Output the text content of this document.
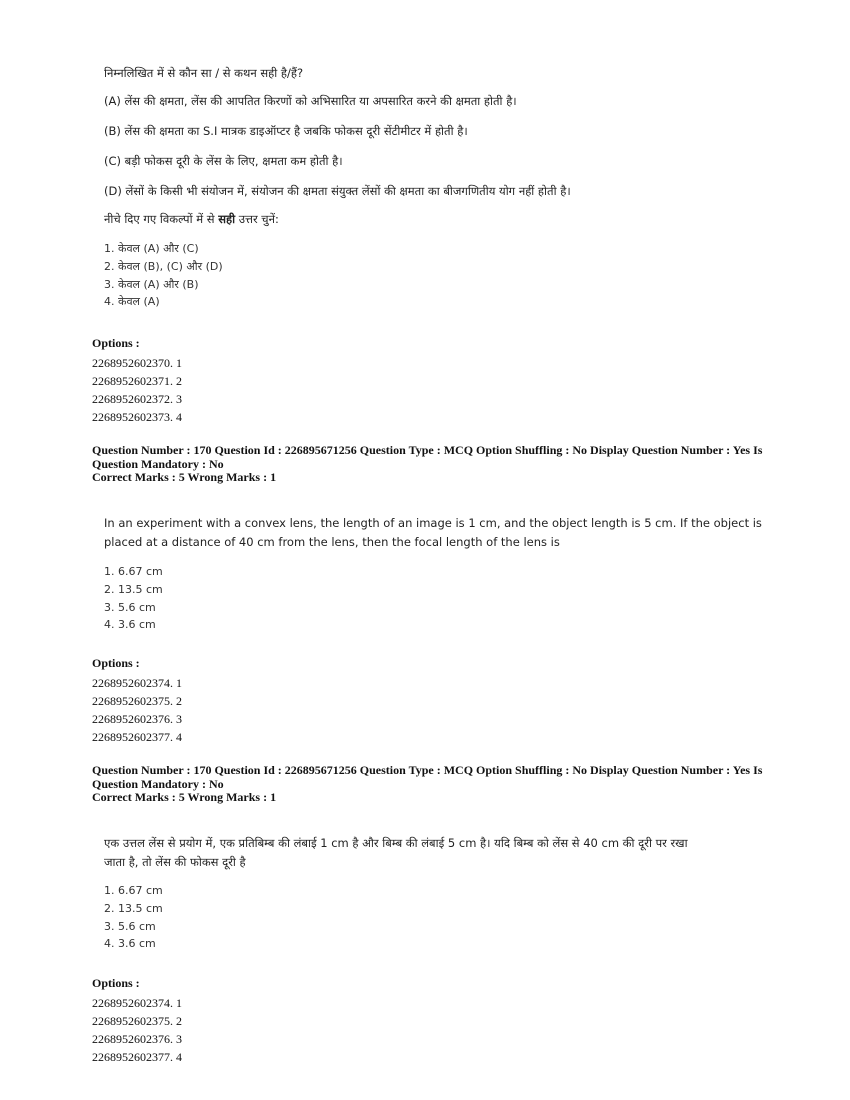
निम्नलिखित में से कौन सा / से कथन सही है/हैं?
(A) लेंस की क्षमता, लेंस की आपतित किरणों को अभिसारित या अपसारित करने की क्षमता होती है।
(B) लेंस की क्षमता का S.I मात्रक डाइऑप्टर है जबकि फोकस दूरी सेंटीमीटर में होती है।
(C) बड़ी फोकस दूरी के लेंस के लिए, क्षमता कम होती है।
(D) लेंसों के किसी भी संयोजन में, संयोजन की क्षमता संयुक्त लेंसों की क्षमता का बीजगणितीय योग नहीं होती है।
नीचे दिए गए विकल्पों में से सही उत्तर चुनें:
1. केवल (A) और (C)
2. केवल (B), (C) और (D)
3. केवल (A) और (B)
4. केवल (A)
Options :
2268952602370. 1
2268952602371. 2
2268952602372. 3
2268952602373. 4
Question Number : 170 Question Id : 226895671256 Question Type : MCQ Option Shuffling : No Display Question Number : Yes Is Question Mandatory : No
Correct Marks : 5 Wrong Marks : 1
In an experiment with a convex lens, the length of an image is 1 cm, and the object length is 5 cm. If the object is
placed at a distance of 40 cm from the lens, then the focal length of the lens is
1. 6.67 cm
2. 13.5 cm
3. 5.6 cm
4. 3.6 cm
Options :
2268952602374. 1
2268952602375. 2
2268952602376. 3
2268952602377. 4
Question Number : 170 Question Id : 226895671256 Question Type : MCQ Option Shuffling : No Display Question Number : Yes Is Question Mandatory : No
Correct Marks : 5 Wrong Marks : 1
एक उत्तल लेंस से प्रयोग में, एक प्रतिबिम्ब की लंबाई 1 cm है और बिम्ब की लंबाई 5 cm है। यदि बिम्ब को लेंस से 40 cm की दूरी पर रखा
जाता है, तो लेंस की फोकस दूरी है
1. 6.67 cm
2. 13.5 cm
3. 5.6 cm
4. 3.6 cm
Options :
2268952602374. 1
2268952602375. 2
2268952602376. 3
2268952602377. 4
